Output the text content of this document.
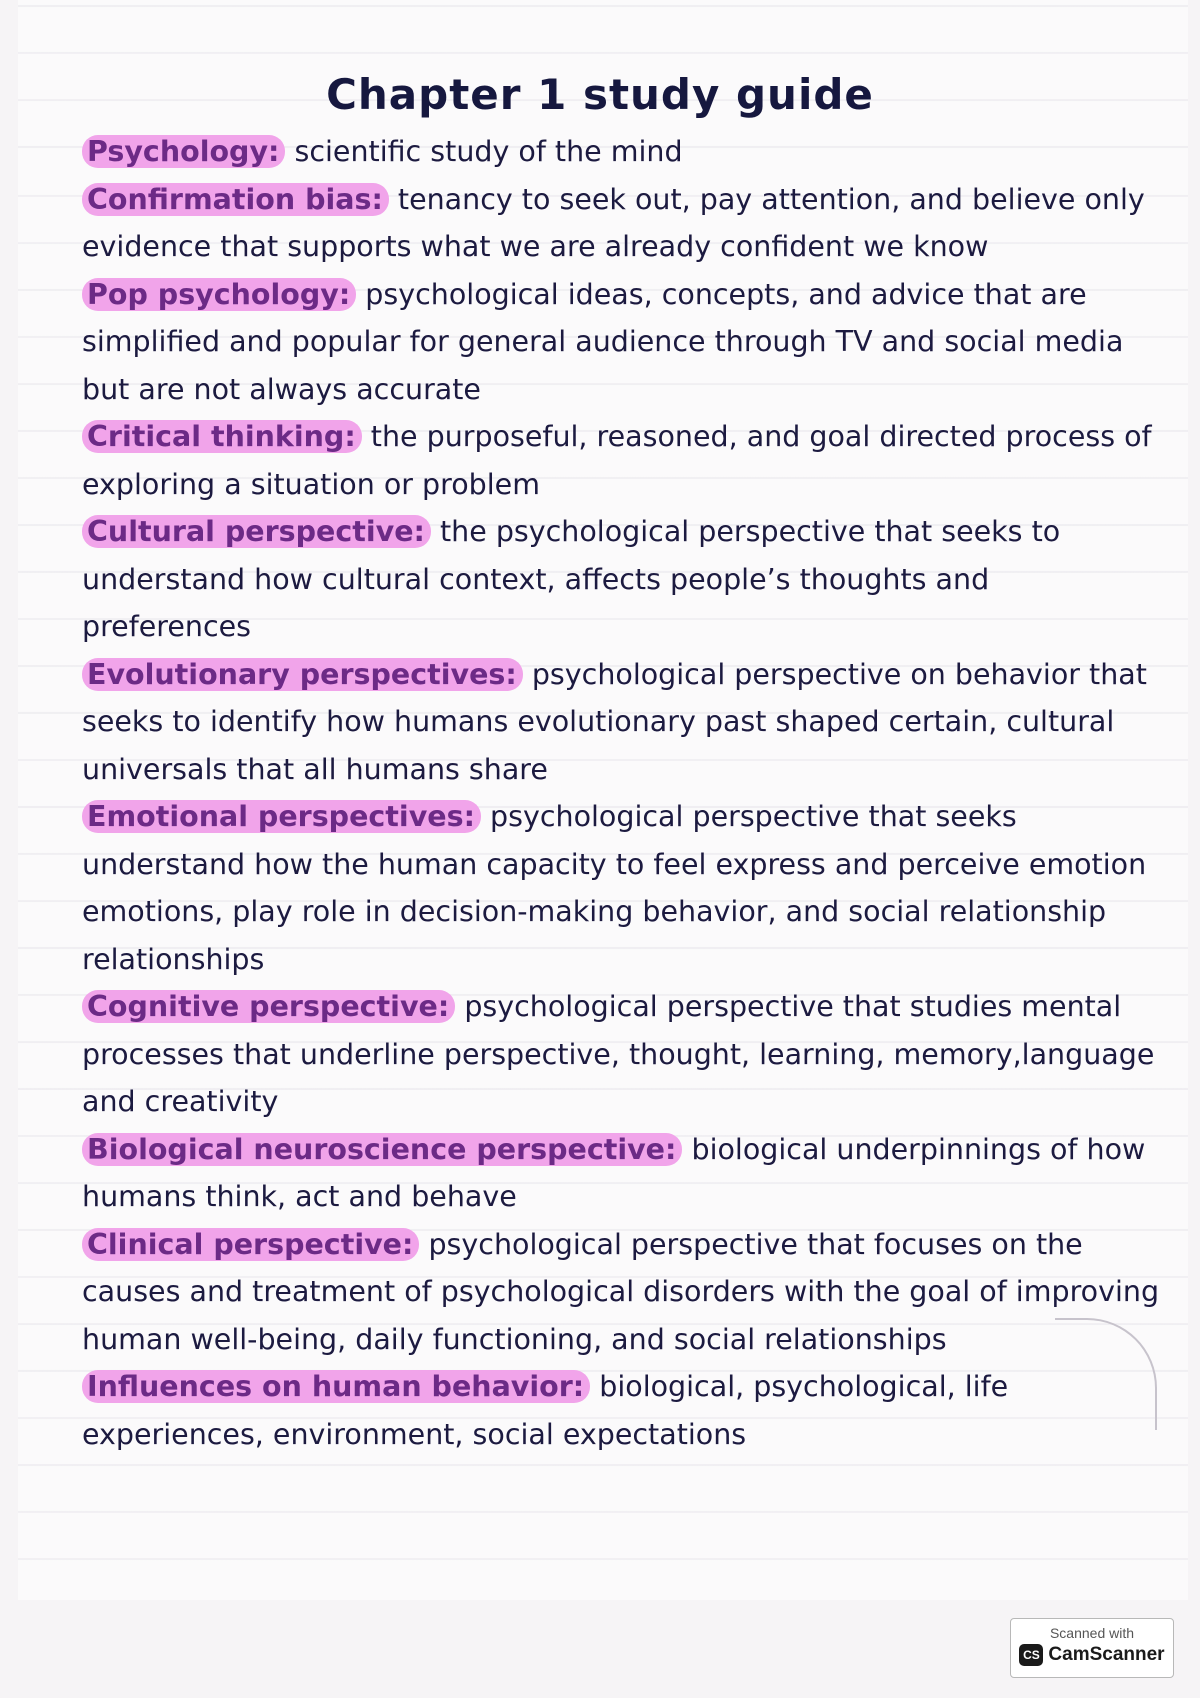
Chapter 1 study guide

Psychology: scientific study of the mind

Confirmation bias: tenancy to seek out, pay attention, and believe only evidence that supports what we are already confident we know

Pop psychology: psychological ideas, concepts, and advice that are simplified and popular for general audience through TV and social media but are not always accurate

Critical thinking: the purposeful, reasoned, and goal directed process of exploring a situation or problem

Cultural perspective: the psychological perspective that seeks to understand how cultural context, affects people’s thoughts and preferences

Evolutionary perspectives: psychological perspective on behavior that seeks to identify how humans evolutionary past shaped certain, cultural universals that all humans share

Emotional perspectives: psychological perspective that seeks understand how the human capacity to feel express and perceive emotion emotions, play role in decision-making behavior, and social relationship relationships

Cognitive perspective: psychological perspective that studies mental processes that underline perspective, thought, learning, memory,language and creativity

Biological neuroscience perspective: biological underpinnings of how humans think, act and behave

Clinical perspective: psychological perspective that focuses on the causes and treatment of psychological disorders with the goal of improving human well-being, daily functioning, and social relationships

Influences on human behavior: biological, psychological, life experiences, environment, social expectations

Scanned with
CS CamScanner
